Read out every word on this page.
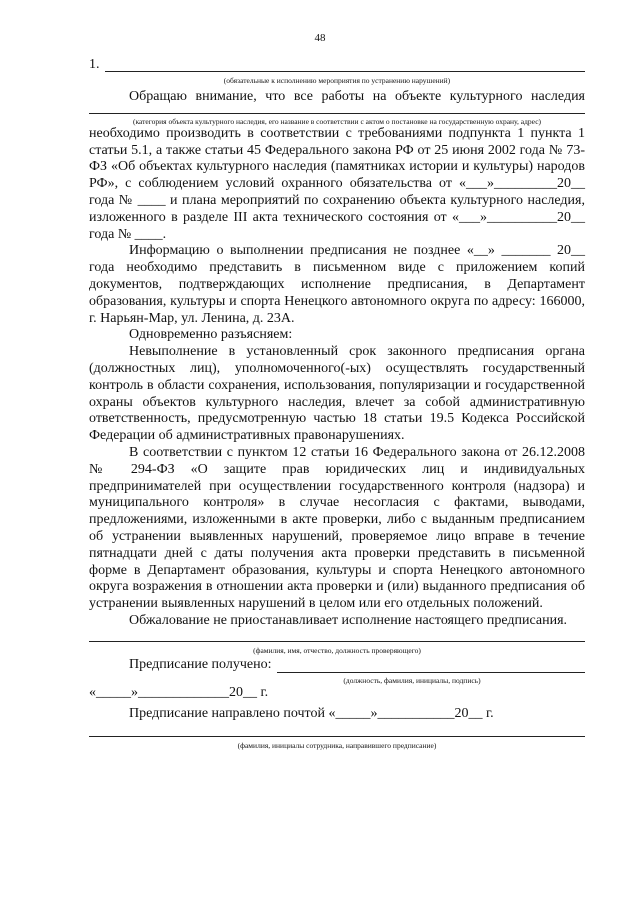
48
1.
(обязательные к исполнению мероприятия по устранению нарушений)

Обращаю внимание, что все работы на объекте культурного наследия

(категория объекта культурного наследия, его название в соответствии с актом о постановке на государственную охрану, адрес)

необходимо производить в соответствии с требованиями подпункта 1 пункта 1 статьи 5.1, а также статьи 45 Федерального закона РФ от 25 июня 2002 года № 73-ФЗ «Об объектах культурного наследия (памятниках истории и культуры) народов РФ», с соблюдением условий охранного обязательства от «___»_________20__ года № ____ и плана мероприятий по сохранению объекта культурного наследия, изложенного в разделе III акта технического состояния от «___»__________20__ года № ____.

Информацию о выполнении предписания не позднее «__» _______ 20__ года необходимо представить в письменном виде с приложением копий документов, подтверждающих исполнение предписания, в Департамент образования, культуры и спорта Ненецкого автономного округа по адресу: 166000, г. Нарьян-Мар, ул. Ленина, д. 23А.

Одновременно разъясняем:

Невыполнение в установленный срок законного предписания органа (должностных лиц), уполномоченного(-ых) осуществлять государственный контроль в области сохранения, использования, популяризации и государственной охраны объектов культурного наследия, влечет за собой административную ответственность, предусмотренную частью 18 статьи 19.5 Кодекса Российской Федерации об административных правонарушениях.

В соответствии с пунктом 12 статьи 16 Федерального закона от 26.12.2008 № 294-ФЗ «О защите прав юридических лиц и индивидуальных предпринимателей при осуществлении государственного контроля (надзора) и муниципального контроля» в случае несогласия с фактами, выводами, предложениями, изложенными в акте проверки, либо с выданным предписанием об устранении выявленных нарушений, проверяемое лицо вправе в течение пятнадцати дней с даты получения акта проверки представить в письменной форме в Департамент образования, культуры и спорта Ненецкого автономного округа возражения в отношении акта проверки и (или) выданного предписания об устранении выявленных нарушений в целом или его отдельных положений.

Обжалование не приостанавливает исполнение настоящего предписания.

(фамилия, имя, отчество, должность проверяющего)
Предписание получено:
(должность, фамилия, инициалы, подпись)
«_____»_____________20__ г.
Предписание направлено почтой «_____»___________20__ г.
(фамилия, инициалы сотрудника, направившего предписание)
